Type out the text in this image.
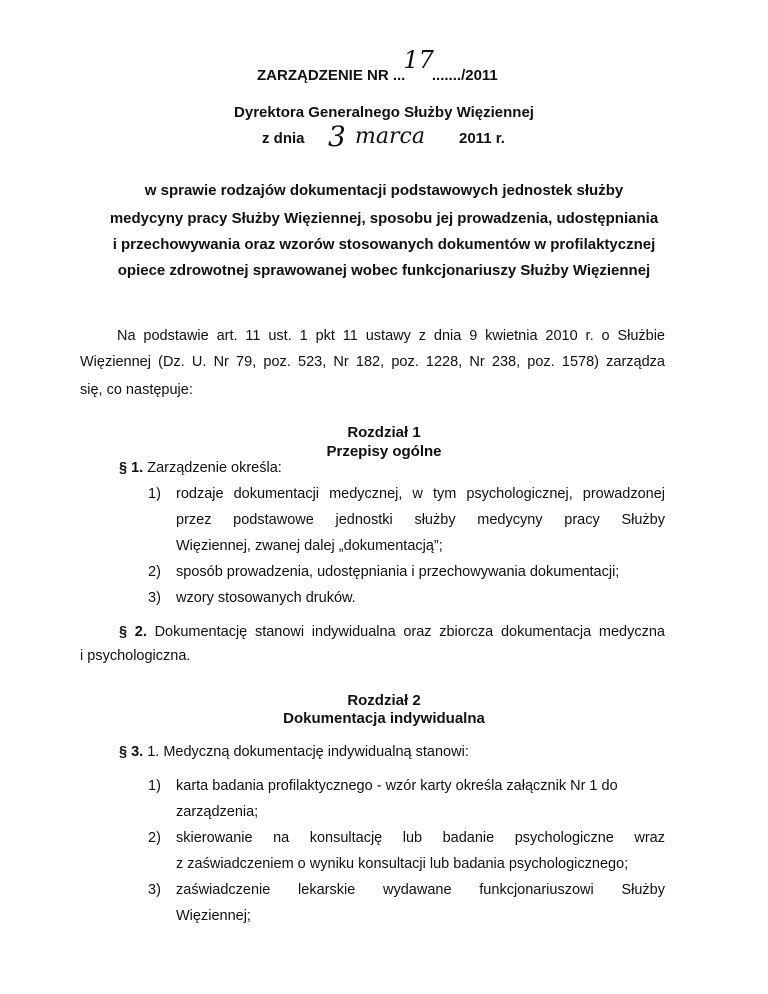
ZARZĄDZENIE NR ...17......./2011
Dyrektora Generalnego Służby Więziennej
z dnia 3 marca 2011 r.
w sprawie rodzajów dokumentacji podstawowych jednostek służby
medycyny pracy Służby Więziennej, sposobu jej prowadzenia, udostępniania
i przechowywania oraz wzorów stosowanych dokumentów w profilaktycznej
opiece zdrowotnej sprawowanej wobec funkcjonariuszy Służby Więziennej
Na podstawie art. 11 ust. 1 pkt 11 ustawy z dnia 9 kwietnia 2010 r. o Służbie
Więziennej (Dz. U. Nr 79, poz. 523, Nr 182, poz. 1228, Nr 238, poz. 1578) zarządza
się, co następuje:
Rozdział 1
Przepisy ogólne
§ 1. Zarządzenie określa:
1) rodzaje dokumentacji medycznej, w tym psychologicznej, prowadzonej
przez podstawowe jednostki służby medycyny pracy Służby
Więziennej, zwanej dalej „dokumentacją”;
2) sposób prowadzenia, udostępniania i przechowywania dokumentacji;
3) wzory stosowanych druków.
§ 2. Dokumentację stanowi indywidualna oraz zbiorcza dokumentacja medyczna
i psychologiczna.
Rozdział 2
Dokumentacja indywidualna
§ 3. 1. Medyczną dokumentację indywidualną stanowi:
1) karta badania profilaktycznego - wzór karty określa załącznik Nr 1 do
zarządzenia;
2) skierowanie na konsultację lub badanie psychologiczne wraz
z zaświadczeniem o wyniku konsultacji lub badania psychologicznego;
3) zaświadczenie lekarskie wydawane funkcjonariuszowi Służby
Więziennej;
